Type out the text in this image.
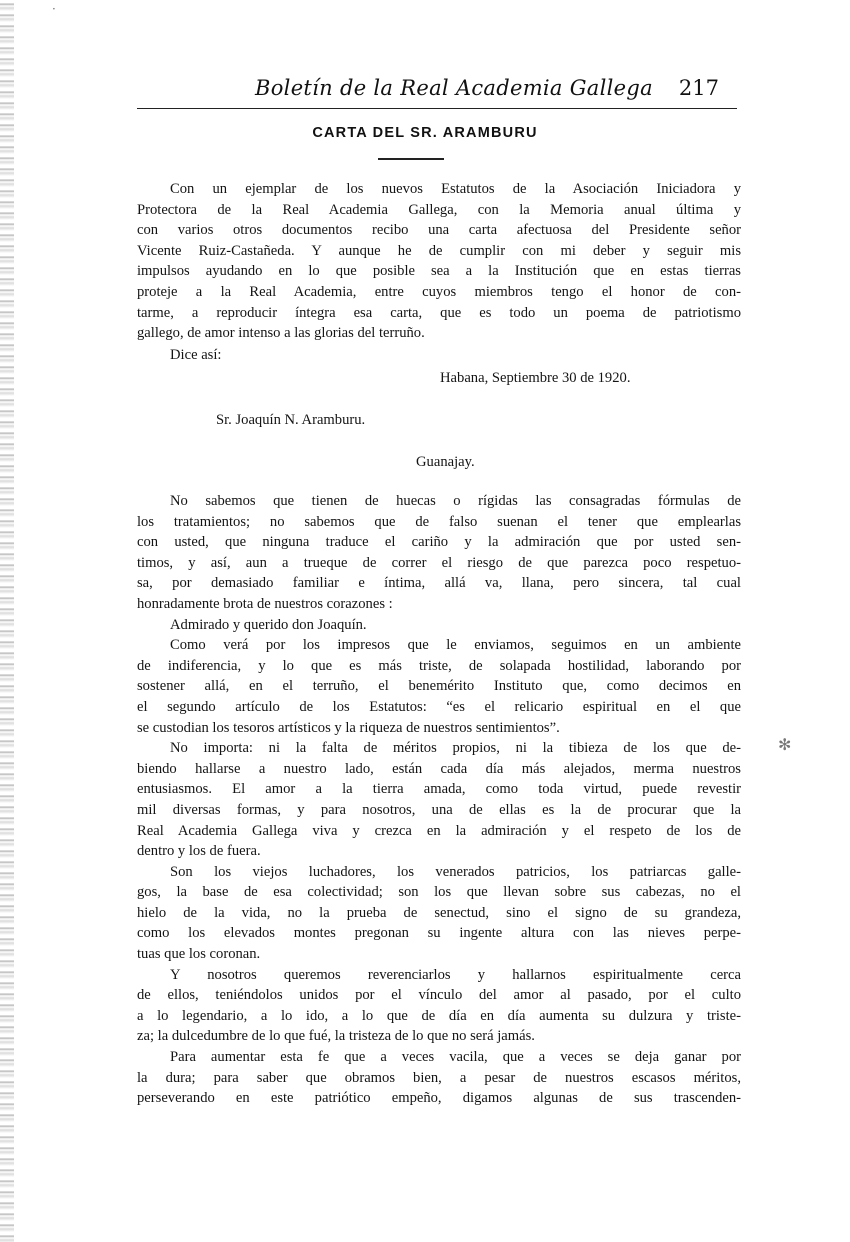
·
✻
Boletín de la Real Academia Gallega 217
CARTA DEL SR. ARAMBURU
Con un ejemplar de los nuevos Estatutos de la Asociación Iniciadora y
Protectora de la Real Academia Gallega, con la Memoria anual última y
con varios otros documentos recibo una carta afectuosa del Presidente señor
Vicente Ruiz-Castañeda. Y aunque he de cumplir con mi deber y seguir mis
impulsos ayudando en lo que posible sea a la Institución que en estas tierras
proteje a la Real Academia, entre cuyos miembros tengo el honor de con-
tarme, a reproducir íntegra esa carta, que es todo un poema de patriotismo
gallego, de amor intenso a las glorias del terruño.
Dice así:
Habana, Septiembre 30 de 1920.
Sr. Joaquín N. Aramburu.
Guanajay.
No sabemos que tienen de huecas o rígidas las consagradas fórmulas de
los tratamientos; no sabemos que de falso suenan el tener que emplearlas
con usted, que ninguna traduce el cariño y la admiración que por usted sen-
timos, y así, aun a trueque de correr el riesgo de que parezca poco respetuo-
sa, por demasiado familiar e íntima, allá va, llana, pero sincera, tal cual
honradamente brota de nuestros corazones :
Admirado y querido don Joaquín.
Como verá por los impresos que le enviamos, seguimos en un ambiente
de indiferencia, y lo que es más triste, de solapada hostilidad, laborando por
sostener allá, en el terruño, el benemérito Instituto que, como decimos en
el segundo artículo de los Estatutos: “es el relicario espiritual en el que
se custodian los tesoros artísticos y la riqueza de nuestros sentimientos”.
No importa: ni la falta de méritos propios, ni la tibieza de los que de-
biendo hallarse a nuestro lado, están cada día más alejados, merma nuestros
entusiasmos. El amor a la tierra amada, como toda virtud, puede revestir
mil diversas formas, y para nosotros, una de ellas es la de procurar que la
Real Academia Gallega viva y crezca en la admiración y el respeto de los de
dentro y los de fuera.
Son los viejos luchadores, los venerados patricios, los patriarcas galle-
gos, la base de esa colectividad; son los que llevan sobre sus cabezas, no el
hielo de la vida, no la prueba de senectud, sino el signo de su grandeza,
como los elevados montes pregonan su ingente altura con las nieves perpe-
tuas que los coronan.
Y nosotros queremos reverenciarlos y hallarnos espiritualmente cerca
de ellos, teniéndolos unidos por el vínculo del amor al pasado, por el culto
a lo legendario, a lo ido, a lo que de día en día aumenta su dulzura y triste-
za; la dulcedumbre de lo que fué, la tristeza de lo que no será jamás.
Para aumentar esta fe que a veces vacila, que a veces se deja ganar por
la dura; para saber que obramos bien, a pesar de nuestros escasos méritos,
perseverando en este patriótico empeño, digamos algunas de sus trascenden-
